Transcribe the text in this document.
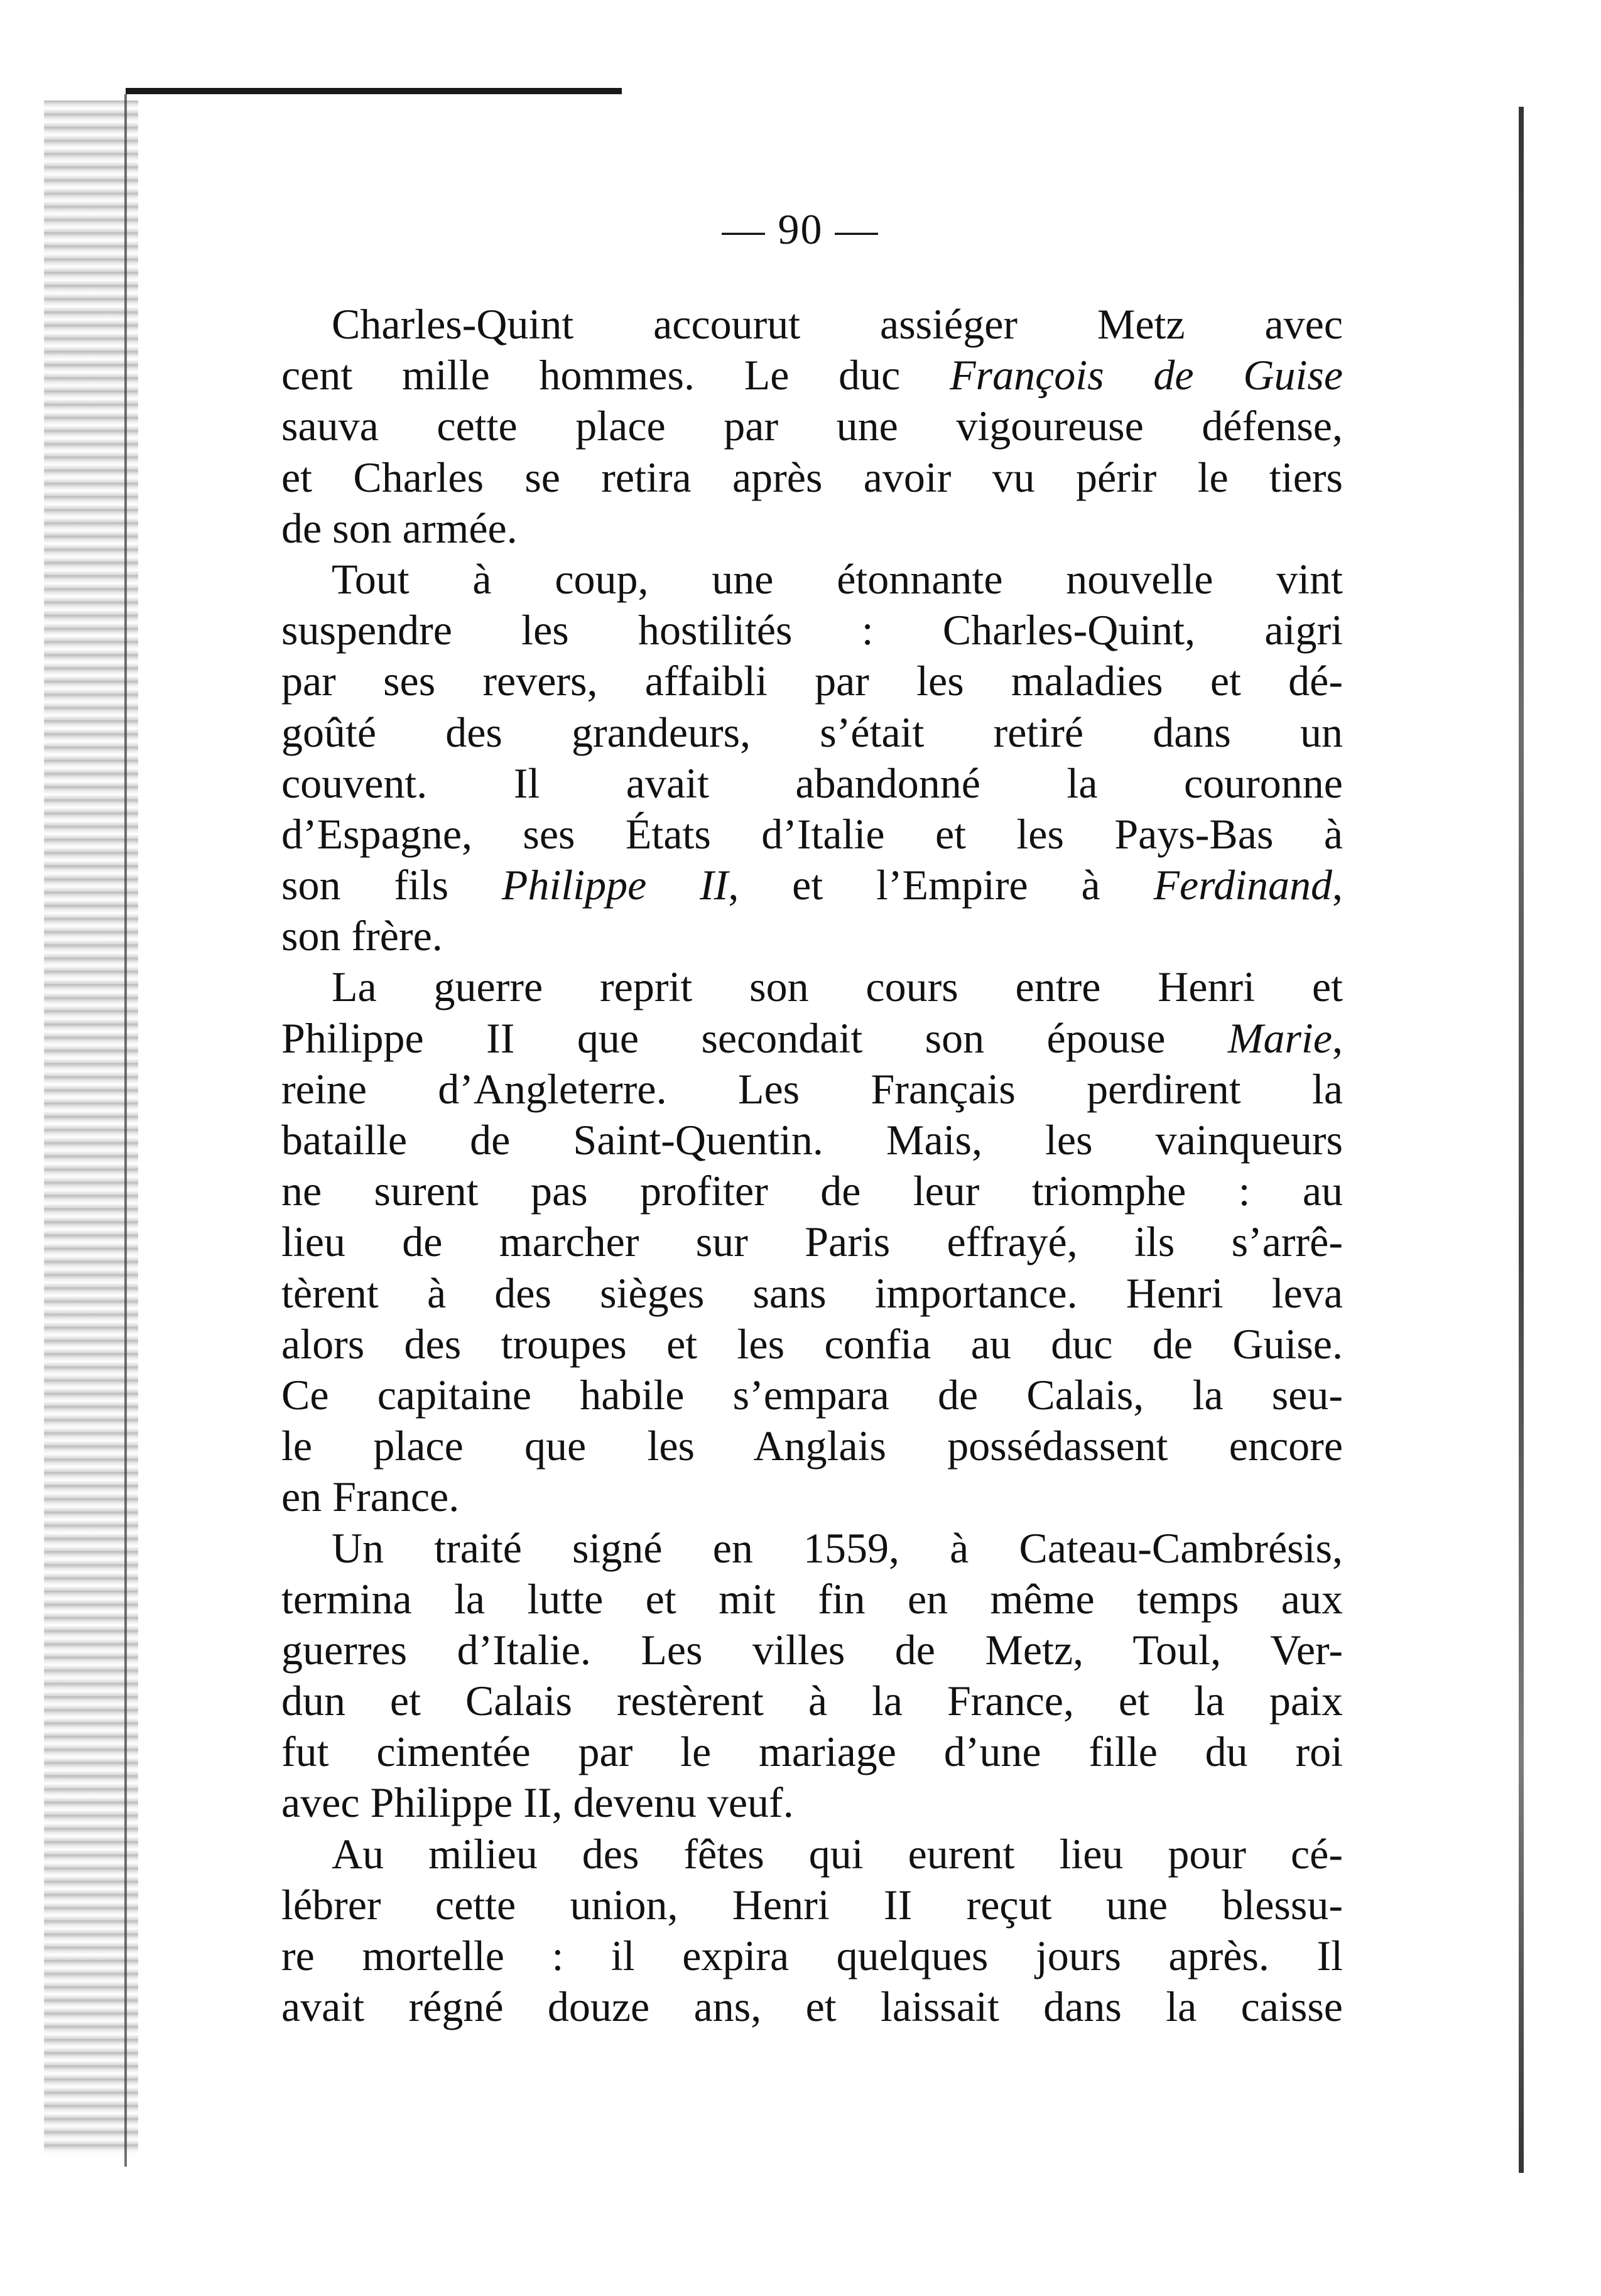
— 90 —
Charles-Quint accourut assiéger Metz avec
cent mille hommes. Le duc François de Guise
sauva cette place par une vigoureuse défense,
et Charles se retira après avoir vu périr le tiers
de son armée.
Tout à coup, une étonnante nouvelle vint
suspendre les hostilités : Charles-Quint, aigri
par ses revers, affaibli par les maladies et dé-
goûté des grandeurs, s’était retiré dans un
couvent. Il avait abandonné la couronne
d’Espagne, ses États d’Italie et les Pays-Bas à
son fils Philippe II, et l’Empire à Ferdinand,
son frère.
La guerre reprit son cours entre Henri et
Philippe II que secondait son épouse Marie,
reine d’Angleterre. Les Français perdirent la
bataille de Saint-Quentin. Mais, les vainqueurs
ne surent pas profiter de leur triomphe : au
lieu de marcher sur Paris effrayé, ils s’arrê-
tèrent à des sièges sans importance. Henri leva
alors des troupes et les confia au duc de Guise.
Ce capitaine habile s’empara de Calais, la seu-
le place que les Anglais possédassent encore
en France.
Un traité signé en 1559, à Cateau-Cambrésis,
termina la lutte et mit fin en même temps aux
guerres d’Italie. Les villes de Metz, Toul, Ver-
dun et Calais restèrent à la France, et la paix
fut cimentée par le mariage d’une fille du roi
avec Philippe II, devenu veuf.
Au milieu des fêtes qui eurent lieu pour cé-
lébrer cette union, Henri II reçut une blessu-
re mortelle : il expira quelques jours après. Il
avait régné douze ans, et laissait dans la caisse
